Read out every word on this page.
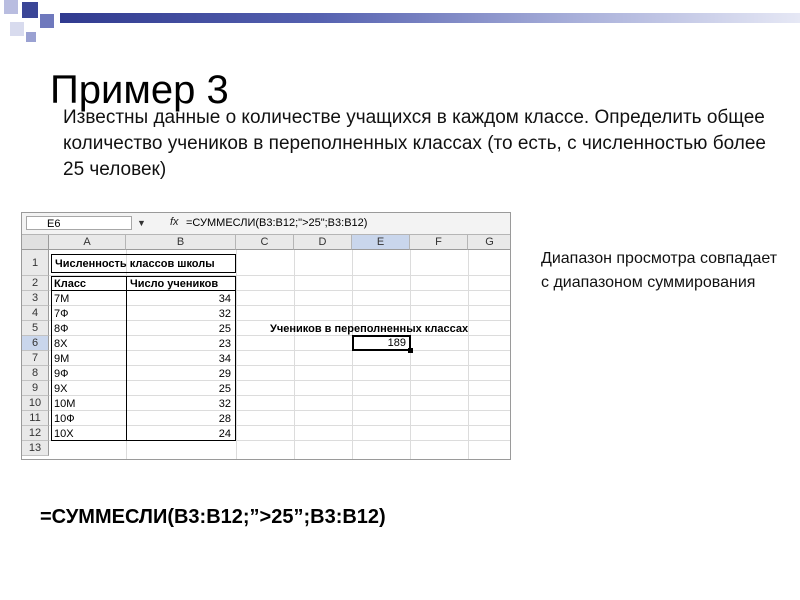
Пример 3

Известны данные о количестве учащихся в каждом классе. Определить общее количество учеников в переполненных классах (то есть, с численностью более 25 человек)

E6	▼ fx =СУММЕСЛИ(B3:B12;">25";B3:B12)
A	B	C	D	E	F	G
1
2
3
4
5
6
7
8
9
10
11
12
13
Численность классов школы
Класс	Число учеников
7М	34
7Ф	32
8Ф	25
8Х	23
9М	34
9Ф	29
9Х	25
10М	32
10Ф	28
10Х	24
Учеников в переполненных классах
189

Диапазон просмотра совпадает с диапазоном суммирования

=СУММЕСЛИ(B3:B12;”>25”;B3:B12)
